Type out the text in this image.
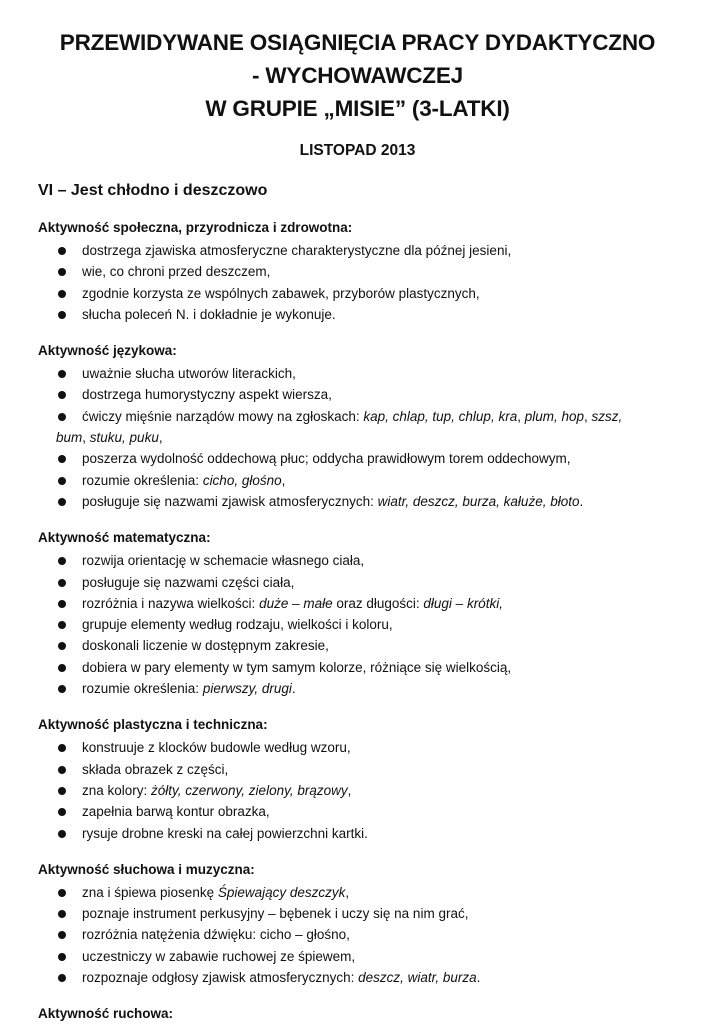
PRZEWIDYWANE OSIĄGNIĘCIA PRACY DYDAKTYCZNO
- WYCHOWAWCZEJ
W GRUPIE „MISIE” (3-LATKI)
LISTOPAD 2013
VI – Jest chłodno i deszczowo
Aktywność społeczna, przyrodnicza i zdrowotna:
dostrzega zjawiska atmosferyczne charakterystyczne dla późnej jesieni,
wie, co chroni przed deszczem,
zgodnie korzysta ze wspólnych zabawek, przyborów plastycznych,
słucha poleceń N. i dokładnie je wykonuje.
Aktywność językowa:
uważnie słucha utworów literackich,
dostrzega humorystyczny aspekt wiersza,
ćwiczy mięśnie narządów mowy na zgłoskach: kap, chlap, tup, chlup, kra, plum, hop, szsz,
bum, stuku, puku,
poszerza wydolność oddechową płuc; oddycha prawidłowym torem oddechowym,
rozumie określenia: cicho, głośno,
posługuje się nazwami zjawisk atmosferycznych: wiatr, deszcz, burza, kałuże, błoto.
Aktywność matematyczna:
rozwija orientację w schemacie własnego ciała,
posługuje się nazwami części ciała,
rozróżnia i nazywa wielkości: duże – małe oraz długości: długi – krótki,
grupuje elementy według rodzaju, wielkości i koloru,
doskonali liczenie w dostępnym zakresie,
dobiera w pary elementy w tym samym kolorze, różniące się wielkością,
rozumie określenia: pierwszy, drugi.
Aktywność plastyczna i techniczna:
konstruuje z klocków budowle według wzoru,
składa obrazek z części,
zna kolory: żółty, czerwony, zielony, brązowy,
zapełnia barwą kontur obrazka,
rysuje drobne kreski na całej powierzchni kartki.
Aktywność słuchowa i muzyczna:
zna i śpiewa piosenkę Śpiewający deszczyk,
poznaje instrument perkusyjny – bębenek i uczy się na nim grać,
rozróżnia natężenia dźwięku: cicho – głośno,
uczestniczy w zabawie ruchowej ze śpiewem,
rozpoznaje odgłosy zjawisk atmosferycznych: deszcz, wiatr, burza.
Aktywność ruchowa:
